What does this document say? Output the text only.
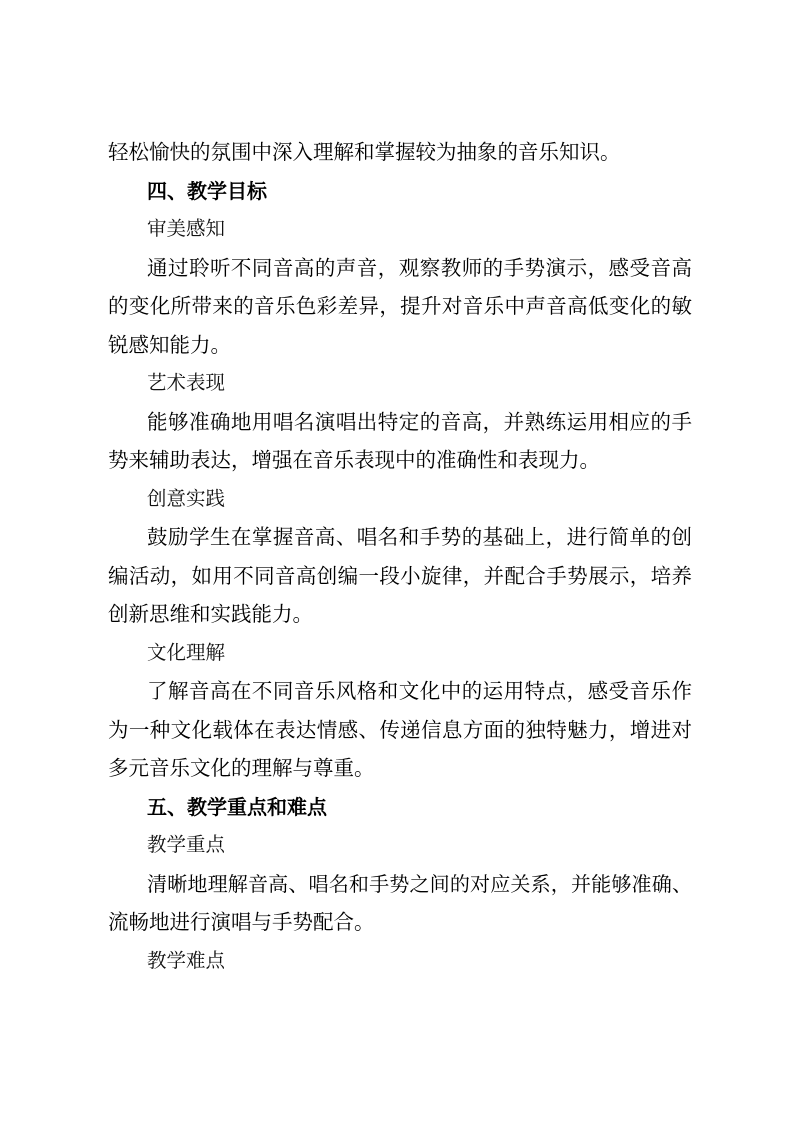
轻松愉快的氛围中深入理解和掌握较为抽象的音乐知识。
四、教学目标
审美感知
通过聆听不同音高的声音，观察教师的手势演示，感受音高
的变化所带来的音乐色彩差异，提升对音乐中声音高低变化的敏
锐感知能力。
艺术表现
能够准确地用唱名演唱出特定的音高，并熟练运用相应的手
势来辅助表达，增强在音乐表现中的准确性和表现力。
创意实践
鼓励学生在掌握音高、唱名和手势的基础上，进行简单的创
编活动，如用不同音高创编一段小旋律，并配合手势展示，培养
创新思维和实践能力。
文化理解
了解音高在不同音乐风格和文化中的运用特点，感受音乐作
为一种文化载体在表达情感、传递信息方面的独特魅力，增进对
多元音乐文化的理解与尊重。
五、教学重点和难点
教学重点
清晰地理解音高、唱名和手势之间的对应关系，并能够准确、
流畅地进行演唱与手势配合。
教学难点
